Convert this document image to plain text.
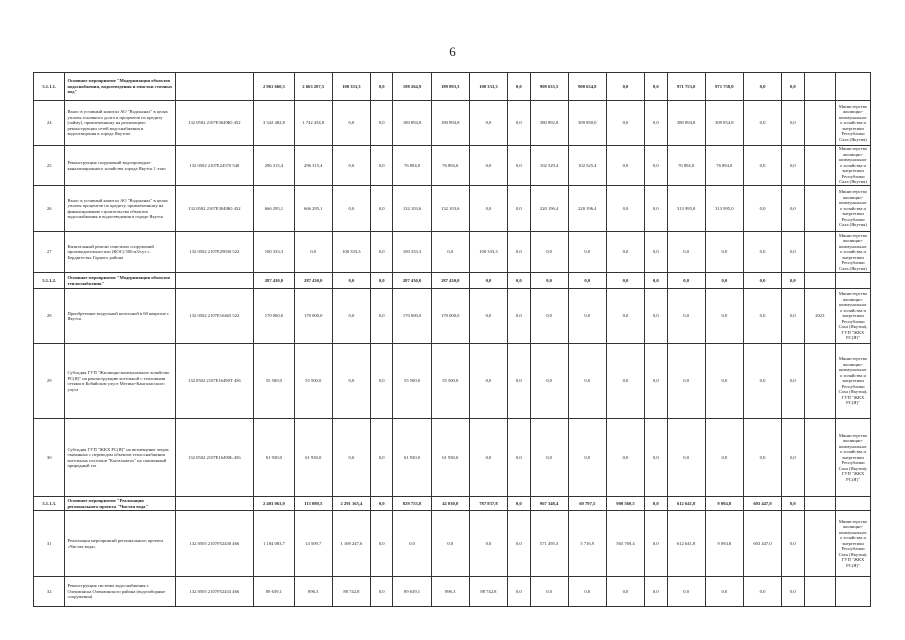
6
5.1.1.1.	Основное мероприятие "Модернизация объектов водоснабжения, водоотведения и очистки сточных вод"		2 961 660,3	2 663 207,5	100 333,3	0,0	198 264,9	189 893,3	100 333,3	0,0	908 633,5	908 634,8	0,0	0,0	971 753,0	971 758,0	0,0	0,0		
24	Взнос в уставный капитал АО "Водоканал" в целях уплаты основного долга и процентов по кредиту (займу), привлеченному на реализацию: реконструкции сетей водоснабжения и водоотведения в городе Якутске	132 0502 2107Е3049Ю 452	3 342 482,8	1 742 454,8	0,0	0,0	180 894,8	180 894,8	0,0	0,0	380 892,8	309 850,0	0,0	0,0	380 894,8	309 854,8	0,0	0,0		Министерство жилищно-коммунального хозяйства и энергетики Республики Саха (Якутия)
25	Реконструкция сооружений водопроводно-канализационного хозяйства города Якутск 1 этап	132 0502 2107Е24570 540	296 315,4	296 315,4	0,0	0,0	76 894,0	76 894,0	0,0	0,0	102 529,4	102 525,4	0,0	0,0	76 894,0	76 894,0	0,0	0,0		Министерство жилищно-коммунального хозяйства и энергетики Республики Саха (Якутия)
26	Взнос в уставный капитал АО "Водоканал" в целях уплаты процентов по кредиту, привлеченному на финансирование строительства объектов водоснабжения и водоотведения в городе Якутск	132 0502 2107Е3049Ю 452	666 295,1	666 295,1	0,0	0,0	132 103,6	132 103,6	0,0	0,0	220 196,4	220 196,4	0,0	0,0	313 995,0	313 995,0	0,0	0,0		Министерство жилищно-коммунального хозяйства и энергетики Республики Саха (Якутия)
27	Капитальный ремонт очистных сооружений производительностью (КОС) 500 м3/сут с. Бердигестях Горного района	132 0502 2107Е29030 522	100 333,3	0,0	100 333,3	0,0	100 333,3	0,0	100 333,3	0,0	0,0	0,0	0,0	0,0	0,0	0,0	0,0	0,0		Министерство жилищно-коммунального хозяйства и энергетики Республики Саха (Якутия)
5.1.1.2.	Основное мероприятие "Модернизация объектов теплоснабжения"		287 430,0	287 430,0	0,0	0,0	287 430,0	287 430,0	0,0	0,0	0,0	0,0	0,0	0,0	0,0	0,0	0,0	0,0		
28	Приобретение модульной котельной в 68 квартале г. Якутск	132 0502 2107Е16465 522	170 000,0	170 000,0	0,0	0,0	170 000,0	170 000,0	0,0	0,0	0,0	0,0	0,0	0,0	0,0	0,0	0,0	0,0	2023	Министерство жилищно-коммунального хозяйства и энергетики Республики Саха (Якутия), ГУП "ЖКХ РС(Я)"
29	Субсидия ГУП "Жилищно-коммунальное хозяйство РС(Я)" на реконструкцию котельной с тепловыми сетями в Кобяйском улусе Мегино-Кангаласского улуса	132 0502 2107Е16490Т 456	55 500,0	55 500,0	0,0	0,0	55 500,0	55 500,0	0,0	0,0	0,0	0,0	0,0	0,0	0,0	0,0	0,0	0,0		Министерство жилищно-коммунального хозяйства и энергетики Республики Саха (Якутия), ГУП "ЖКХ РС(Я)"
30	Субсидия ГУП "ЖКХ РС(Я)" на возмещение затрат, связанных с переводом объектов теплоснабжения котельных поселков "Кыталыктах" на сжиженный природный газ	132 0502 2107Е16490Ь 456	61 930,0	61 930,0	0,0	0,0	61 930,0	61 930,0	0,0	0,0	0,0	0,0	0,0	0,0	0,0	0,0	0,0	0,0		Министерство жилищно-коммунального хозяйства и энергетики Республики Саха (Якутия), ГУП "ЖКХ РС(Я)"
5.1.1.3.	Основное мероприятие "Реализация регионального проекта "Чистая вода"		2 403 063,9	113 080,5	2 291 165,4	0,0	829 753,8	42 030,0	787 837,8	0,0	967 348,4	60 797,5	900 560,5	0,0	612 641,8	9 094,8	603 447,0	0,0		
31	Реализация мероприятий регионального проекта «Чистая вода»	132 0505 2107F52430 466	1 184 083,7	14 509,7	1 169 247,6	0,0	0,0	0,0	0,0	0,0	571 495,3	5 716,9	565 769,4	0,0	612 641,8	9 094,8	603 447,0	0,0		Министерство жилищно-коммунального хозяйства и энергетики Республики Саха (Якутия), ГУП "ЖКХ РС(Я)"
32	Реконструкция системы водоснабжения г. Олекминска Олекминского района (водозаборные сооружения)	132 0505 2107F52433 466	89 639,1	896,3	88 742,8	0,0	89 639,1	896,3	88 742,8	0,0	0,0	0,0	0,0	0,0	0,0	0,0	0,0	0,0		
